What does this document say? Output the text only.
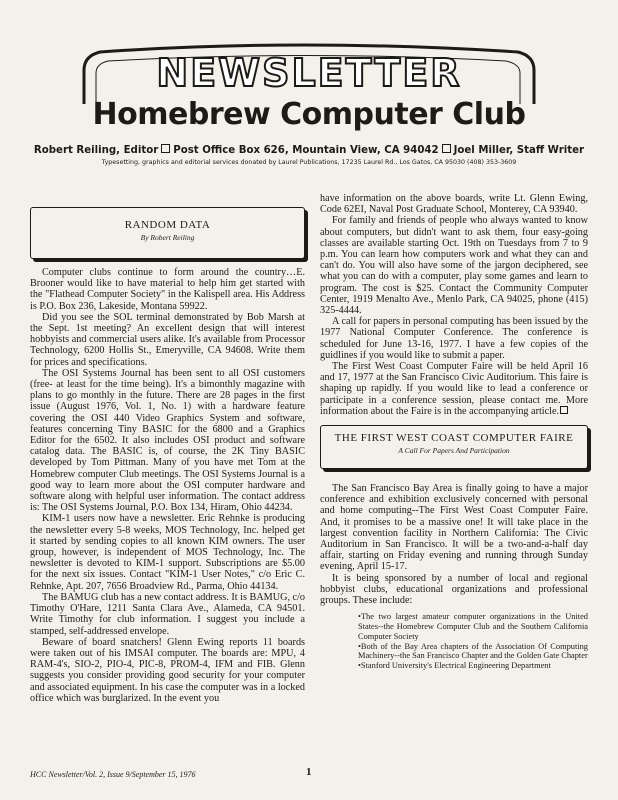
NEWSLETTER
Homebrew Computer Club
Robert Reiling, Editor Post Office Box 626, Mountain View, CA 94042 Joel Miller, Staff Writer
Typesetting, graphics and editorial services donated by Laurel Publications, 17235 Laurel Rd., Los Gatos, CA 95030 (408) 353-3609
RANDOM DATA
By Robert Reiling

Computer clubs continue to form around the country…E. Brooner would like to have material to help him get started with the "Flathead Computer Society" in the Kalispell area. His Address is P.O. Box 236, Lakeside, Montana 59922.

Did you see the SOL terminal demonstrated by Bob Marsh at the Sept. 1st meeting? An excellent design that will interest hobbyists and commercial users alike. It's available from Processor Technology, 6200 Hollis St., Emeryville, CA 94608. Write them for prices and specifications.

The OSI Systems Journal has been sent to all OSI customers (free- at least for the time being). It's a bimonthly magazine with plans to go monthly in the future. There are 28 pages in the first issue (August 1976, Vol. 1, No. 1) with a hardware feature covering the OSI 440 Video Graphics System and software, features concerning Tiny BASIC for the 6800 and a Graphics Editor for the 6502. It also includes OSI product and software catalog data. The BASIC is, of course, the 2K Tiny BASIC developed by Tom Pittman. Many of you have met Tom at the Homebrew computer Club meetings. The OSI Systems Journal is a good way to learn more about the OSI computer hardware and software along with helpful user information. The contact address is: The OSI Systems Journal, P.O. Box 134, Hiram, Ohio 44234.

KIM-1 users now have a newsletter. Eric Rehnke is producing the newsletter every 5-8 weeks, MOS Technology, Inc. helped get it started by sending copies to all known KIM owners. The user group, however, is independent of MOS Technology, Inc. The newsletter is devoted to KIM-1 support. Subscriptions are $5.00 for the next six issues. Contact "KIM-1 User Notes," c/o Eric C. Rehnke, Apt. 207, 7656 Broadview Rd., Parma, Ohio 44134.

The BAMUG club has a new contact address. It is BAMUG, c/o Timothy O'Hare, 1211 Santa Clara Ave., Alameda, CA 94501. Write Timothy for club information. I suggest you include a stamped, self-addressed envelope.

Beware of board snatchers! Glenn Ewing reports 11 boards were taken out of his IMSAI computer. The boards are: MPU, 4 RAM-4's, SIO-2, PIO-4, PIC-8, PROM-4, IFM and FIB. Glenn suggests you consider providing good security for your computer and associated equipment. In his case the computer was in a locked office which was burglarized. In the event you

have information on the above boards, write Lt. Glenn Ewing, Code 62EI, Naval Post Graduate School, Monterey, CA 93940.

For family and friends of people who always wanted to know about computers, but didn't want to ask them, four easy-going classes are available starting Oct. 19th on Tuesdays from 7 to 9 p.m. You can learn how computers work and what they can and can't do. You will also have some of the jargon deciphered, see what you can do with a computer, play some games and learn to program. The cost is $25. Contact the Community Computer Center, 1919 Menalto Ave., Menlo Park, CA 94025, phone (415) 325-4444.

A call for papers in personal computing has been issued by the 1977 National Computer Conference. The conference is scheduled for June 13-16, 1977. I have a few copies of the guidlines if you would like to submit a paper.

The First West Coast Computer Faire will be held April 16 and 17, 1977 at the San Francisco Civic Auditorium. This faire is shaping up rapidly. If you would like to lead a conference or participate in a conference session, please contact me. More information about the Faire is in the accompanying article.

THE FIRST WEST COAST COMPUTER FAIRE
A Call For Papers And Participation

The San Francisco Bay Area is finally going to have a major conference and exhibition exclusively concerned with personal and home computing--The First West Coast Computer Faire. And, it promises to be a massive one! It will take place in the largest convention facility in Northern California: The Civic Auditorium in San Francisco. It will be a two-and-a-half day affair, starting on Friday evening and running through Sunday evening, April 15-17.

It is being sponsored by a number of local and regional hobbyist clubs, educational organizations and professional groups. These include:

•The two largest amateur computer organizations in the United States--the Homebrew Computer Club and the Southern California Computer Society
•Both of the Bay Area chapters of the Association Of Computing Machinery--the San Francisco Chapter and the Golden Gate Chapter
•Stanford University's Electrical Engineering Department
HCC Newsletter/Vol. 2, Issue 9/September 15, 1976	1
